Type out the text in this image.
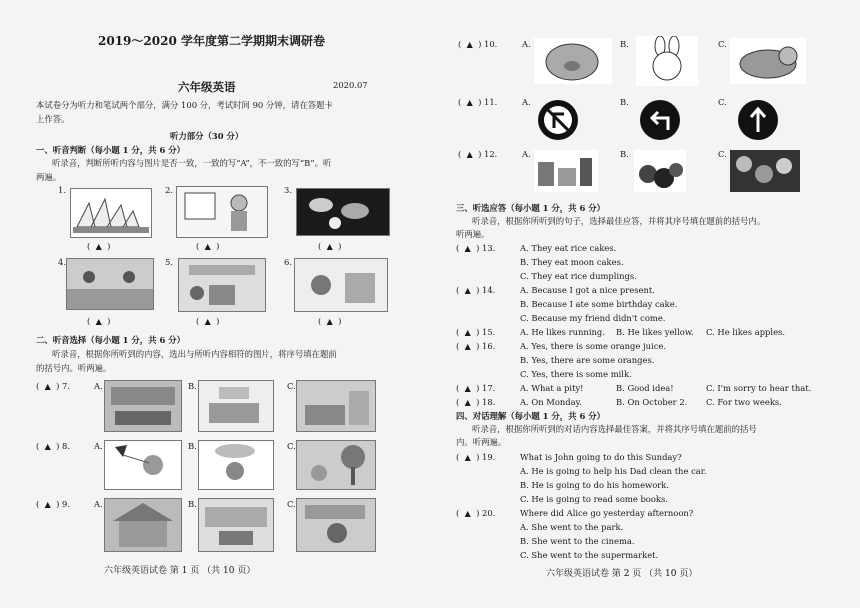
2019～2020 学年度第二学期期末调研卷
六年级英语	2020.07
本试卷分为听力和笔试两个部分，满分 100 分，考试时间 90 分钟，请在答题卡
上作答。
听力部分（30 分）
一、听音判断（每小题 1 分，共 6 分）
听录音，判断所听内容与图片是否一致，一致的写“A”，不一致的写“B”。听
两遍。
1.	2.	3.
(  ▲  )	(  ▲  )	(  ▲  )
4.	5.	6.
(  ▲  )	(  ▲  )	(  ▲  )
二、听音选择（每小题 1 分，共 6 分）
听录音，根据你所听到的内容，选出与所听内容相符的图片，将序号填在题前
的括号内。听两遍。
(  ▲  ) 7.	A.	B.	C.
(  ▲  ) 8.	A.	B.	C.
(  ▲  ) 9.	A.	B.	C.
六年级英语试卷 第 1 页 （共 10 页）
(  ▲  ) 10.	A.	B.	C.
(  ▲  ) 11.	A.	B.	C.
(  ▲  ) 12.	A.	B.	C.
三、听选应答（每小题 1 分，共 6 分）
听录音，根据你所听到的句子，选择最佳应答，并将其序号填在题前的括号内。
听两遍。
(  ▲  ) 13.	A. They eat rice cakes.
B. They eat moon cakes.
C. They eat rice dumplings.
(  ▲  ) 14.	A. Because I got a nice present.
B. Because I ate some birthday cake.
C. Because my friend didn't come.
(  ▲  ) 15.	A. He likes running. B. He likes yellow. C. He likes apples.
(  ▲  ) 16.	A. Yes, there is some orange juice.
B. Yes, there are some oranges.
C. Yes, there is some milk.
(  ▲  ) 17.	A. What a pity!	B. Good idea!	C. I'm sorry to hear that.
(  ▲  ) 18.	A. On Monday.	B. On October 2. C. For two weeks.
四、对话理解（每小题 1 分，共 6 分）
听录音，根据你所听到的对话内容选择最佳答案，并将其序号填在题前的括号
内。听两遍。
(  ▲  ) 19.	What is John going to do this Sunday?
A. He is going to help his Dad clean the car.
B. He is going to do his homework.
C. He is going to read some books.
(  ▲  ) 20.	Where did Alice go yesterday afternoon?
A. She went to the park.
B. She went to the cinema.
C. She went to the supermarket.
六年级英语试卷 第 2 页 （共 10 页）
